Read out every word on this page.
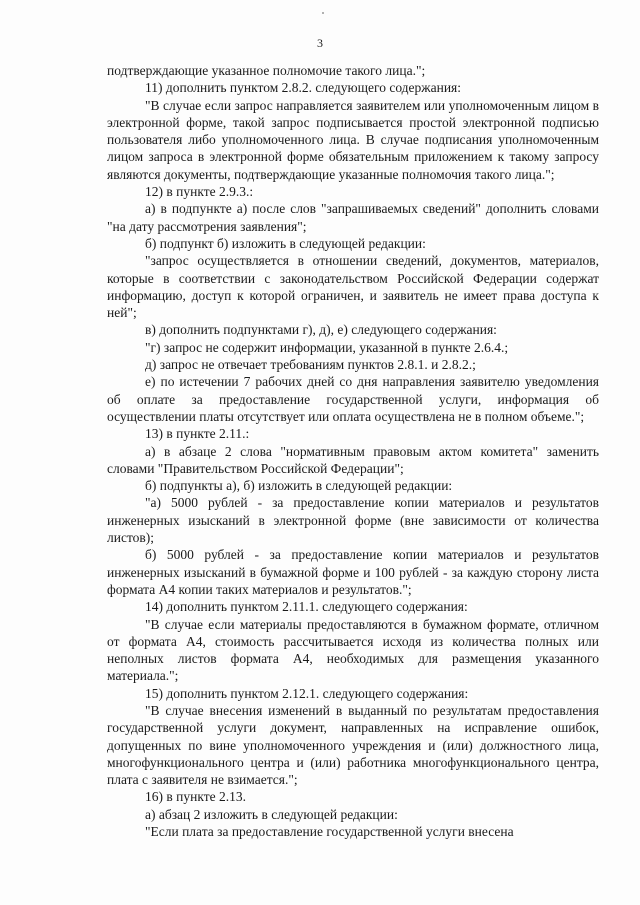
3

подтверждающие указанное полномочие такого лица.";

11) дополнить пунктом 2.8.2. следующего содержания:

"В случае если запрос направляется заявителем или уполномоченным лицом в электронной форме, такой запрос подписывается простой электронной подписью пользователя либо уполномоченного лица. В случае подписания уполномоченным лицом запроса в электронной форме обязательным приложением к такому запросу являются документы, подтверждающие указанные полномочия такого лица.";

12) в пункте 2.9.3.:

а) в подпункте а) после слов "запрашиваемых сведений" дополнить словами "на дату рассмотрения заявления";

б) подпункт б) изложить в следующей редакции:

"запрос осуществляется в отношении сведений, документов, материалов, которые в соответствии с законодательством Российской Федерации содержат информацию, доступ к которой ограничен, и заявитель не имеет права доступа к ней";

в) дополнить подпунктами г), д), е) следующего содержания:

"г) запрос не содержит информации, указанной в пункте 2.6.4.;

д) запрос не отвечает требованиям пунктов 2.8.1. и 2.8.2.;

е) по истечении 7 рабочих дней со дня направления заявителю уведомления об оплате за предоставление государственной услуги, информация об осуществлении платы отсутствует или оплата осуществлена не в полном объеме.";

13) в пункте 2.11.:

а) в абзаце 2 слова "нормативным правовым актом комитета" заменить словами "Правительством Российской Федерации";

б) подпункты а), б) изложить в следующей редакции:

"а) 5000 рублей - за предоставление копии материалов и результатов инженерных изысканий в электронной форме (вне зависимости от количества листов);

б) 5000 рублей - за предоставление копии материалов и результатов инженерных изысканий в бумажной форме и 100 рублей - за каждую сторону листа формата А4 копии таких материалов и результатов.";

14) дополнить пунктом 2.11.1. следующего содержания:

"В случае если материалы предоставляются в бумажном формате, отличном от формата А4, стоимость рассчитывается исходя из количества полных или неполных листов формата А4, необходимых для размещения указанного материала.";

15) дополнить пунктом 2.12.1. следующего содержания:

"В случае внесения изменений в выданный по результатам предоставления государственной услуги документ, направленных на исправление ошибок, допущенных по вине уполномоченного учреждения и (или) должностного лица, многофункционального центра и (или) работника многофункционального центра, плата с заявителя не взимается.";

16) в пункте 2.13.

а) абзац 2 изложить в следующей редакции:

"Если плата за предоставление государственной услуги внесена
